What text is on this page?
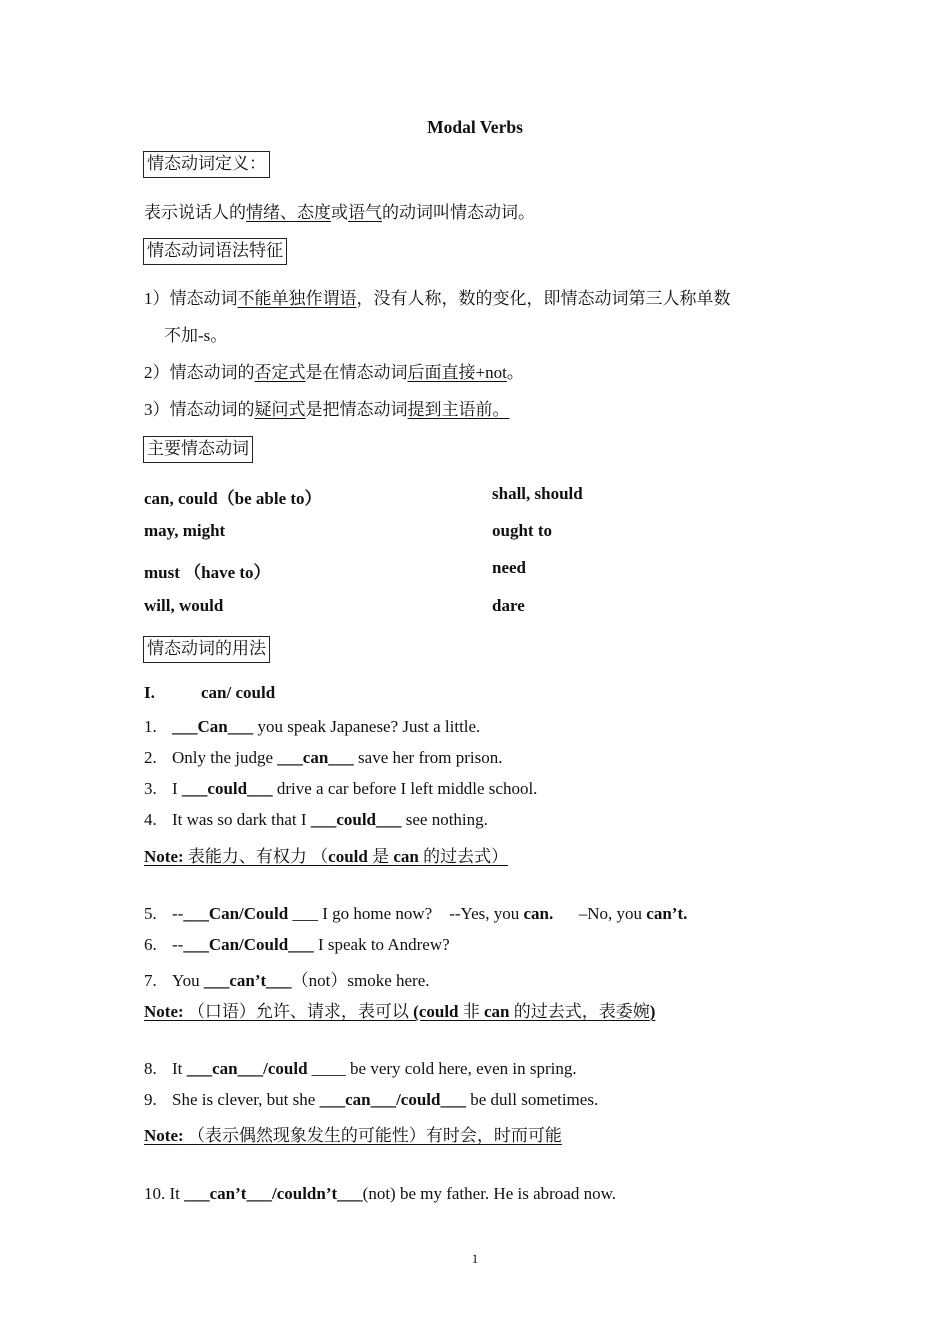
Modal Verbs
情态动词定义：
表示说话人的情绪、态度或语气的动词叫情态动词。
情态动词语法特征
1）情态动词不能单独作谓语，没有人称，数的变化，即情态动词第三人称单数
不加-s。
2）情态动词的否定式是在情态动词后面直接+not。
3）情态动词的疑问式是把情态动词提到主语前。
主要情态动词
can, could（be able to）
may, might
must （have to）
will, would
shall, should
ought to
need
dare
情态动词的用法
I.	can/ could
1. ___Can___ you speak Japanese? Just a little.
2. Only the judge ___can___ save her from prison.
3. I ___could___ drive a car before I left middle school.
4. It was so dark that I ___could___ see nothing.
Note: 表能力、有权力 （could 是 can 的过去式）
5. --___Can/Could ___ I go home now?    --Yes, you can.      –No, you can’t.
6. --___Can/Could___ I speak to Andrew?
7. You ___can’t___（not）smoke here.
Note: （口语）允许、请求，表可以 (could 非 can 的过去式，表委婉)
8. It ___can___/could ____ be very cold here, even in spring.
9. She is clever, but she ___can___/could___ be dull sometimes.
Note: （表示偶然现象发生的可能性）有时会，时而可能
10. It ___can’t___/couldn’t___(not) be my father. He is abroad now.
1
